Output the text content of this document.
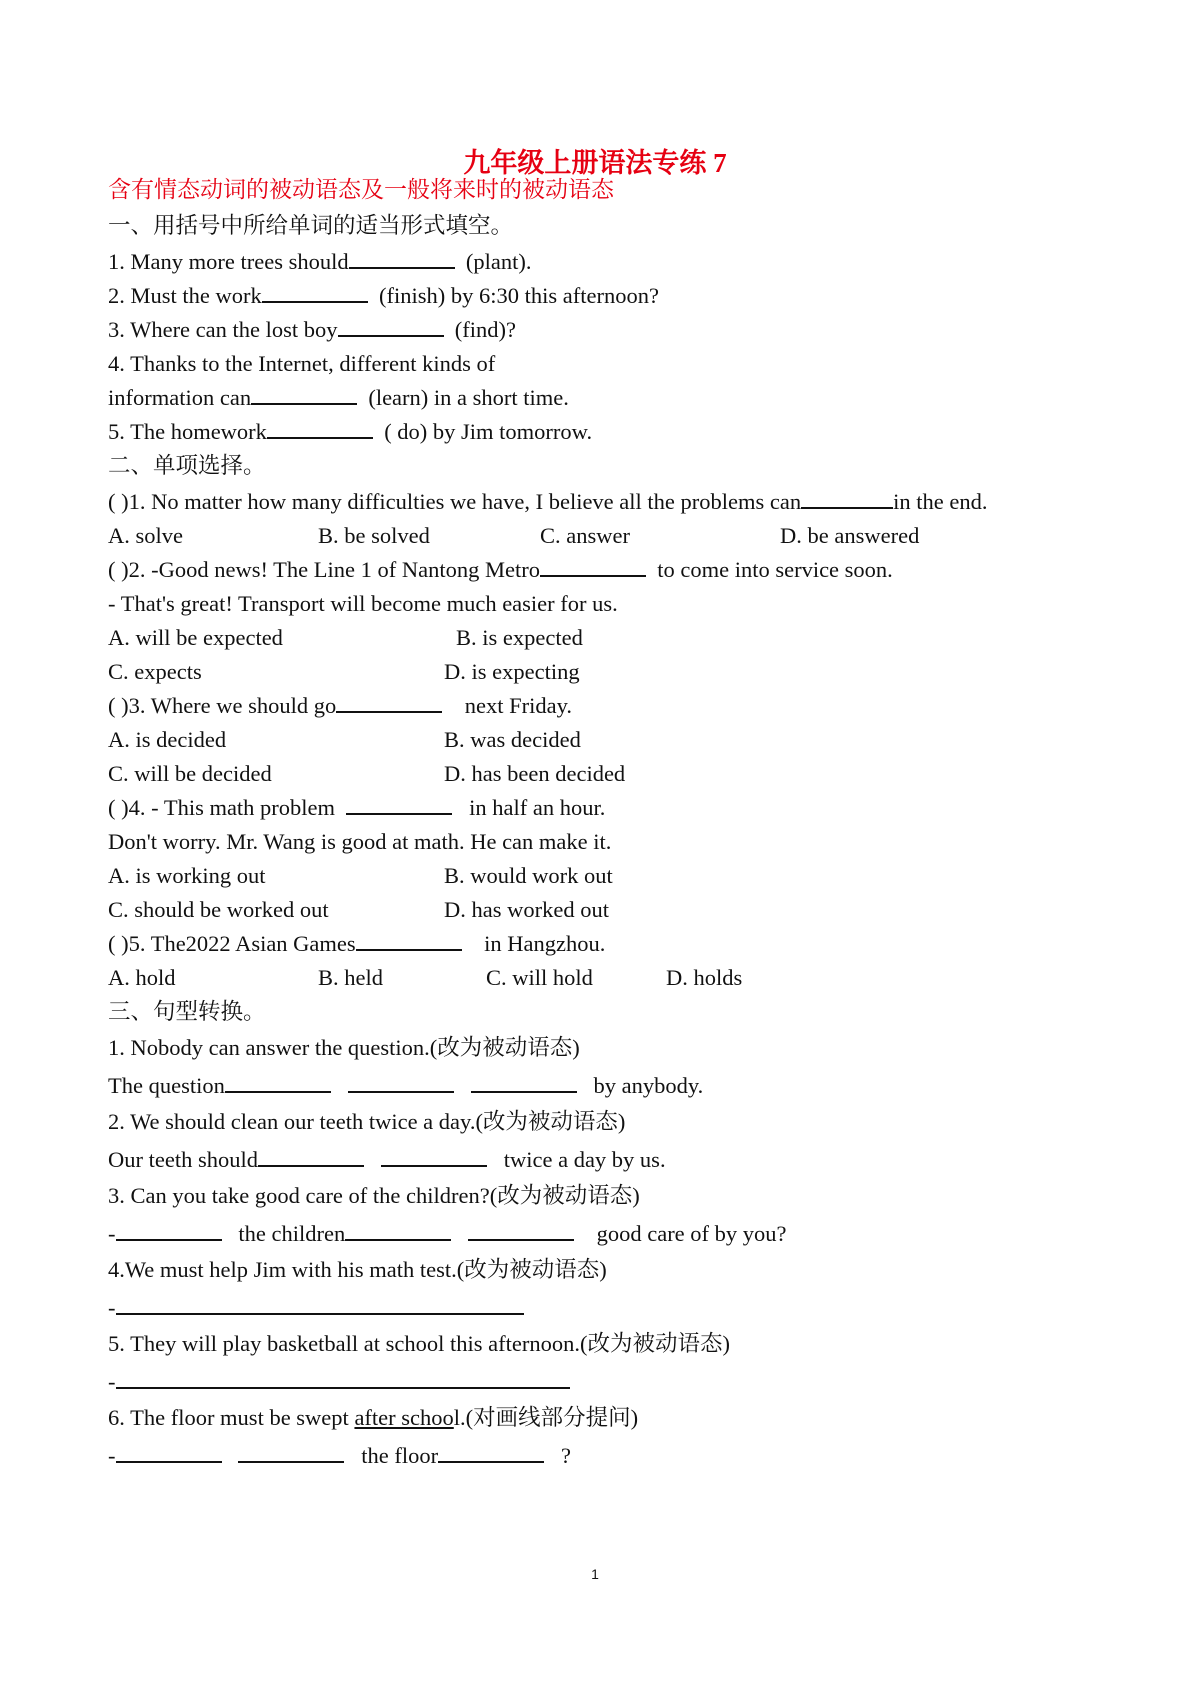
九年级上册语法专练 7
含有情态动词的被动语态及一般将来时的被动语态
一、用括号中所给单词的适当形式填空。
1. Many more trees should	(plant).
2. Must the work	(finish) by 6:30 this afternoon?
3. Where can the lost boy	(find)?
4. Thanks to the Internet, different kinds of
information can	(learn) in a short time.
5. The homework	( do) by Jim tomorrow.
二、单项选择。
( )1. No matter how many difficulties we have, I believe all the problems can	in the end.
A. solve	B. be solved	C. answer	D. be answered
( )2. -Good news! The Line 1 of Nantong Metro	to come into service soon.
- That's great! Transport will become much easier for us.
A. will be expected	B. is expected
C. expects	D. is expecting
( )3. Where we should go	next Friday.
A. is decided	B. was decided
C. will be decided	D. has been decided
( )4. - This math problem	in half an hour.
Don't worry. Mr. Wang is good at math. He can make it.
A. is working out	B. would work out
C. should be worked out	D. has worked out
( )5. The2022 Asian Games	in Hangzhou.
A. hold	B. held	C. will hold	D. holds
三、句型转换。
1. Nobody can answer the question.(改为被动语态)
The question	by anybody.
2. We should clean our teeth twice a day.(改为被动语态)
Our teeth should	twice a day by us.
3. Can you take good care of the children?(改为被动语态)
-	the children	good care of by you?
4.We must help Jim with his math test.(改为被动语态)
-
5. They will play basketball at school this afternoon.(改为被动语态)
-
6. The floor must be swept after school.(对画线部分提问)
-	the floor	?
1
